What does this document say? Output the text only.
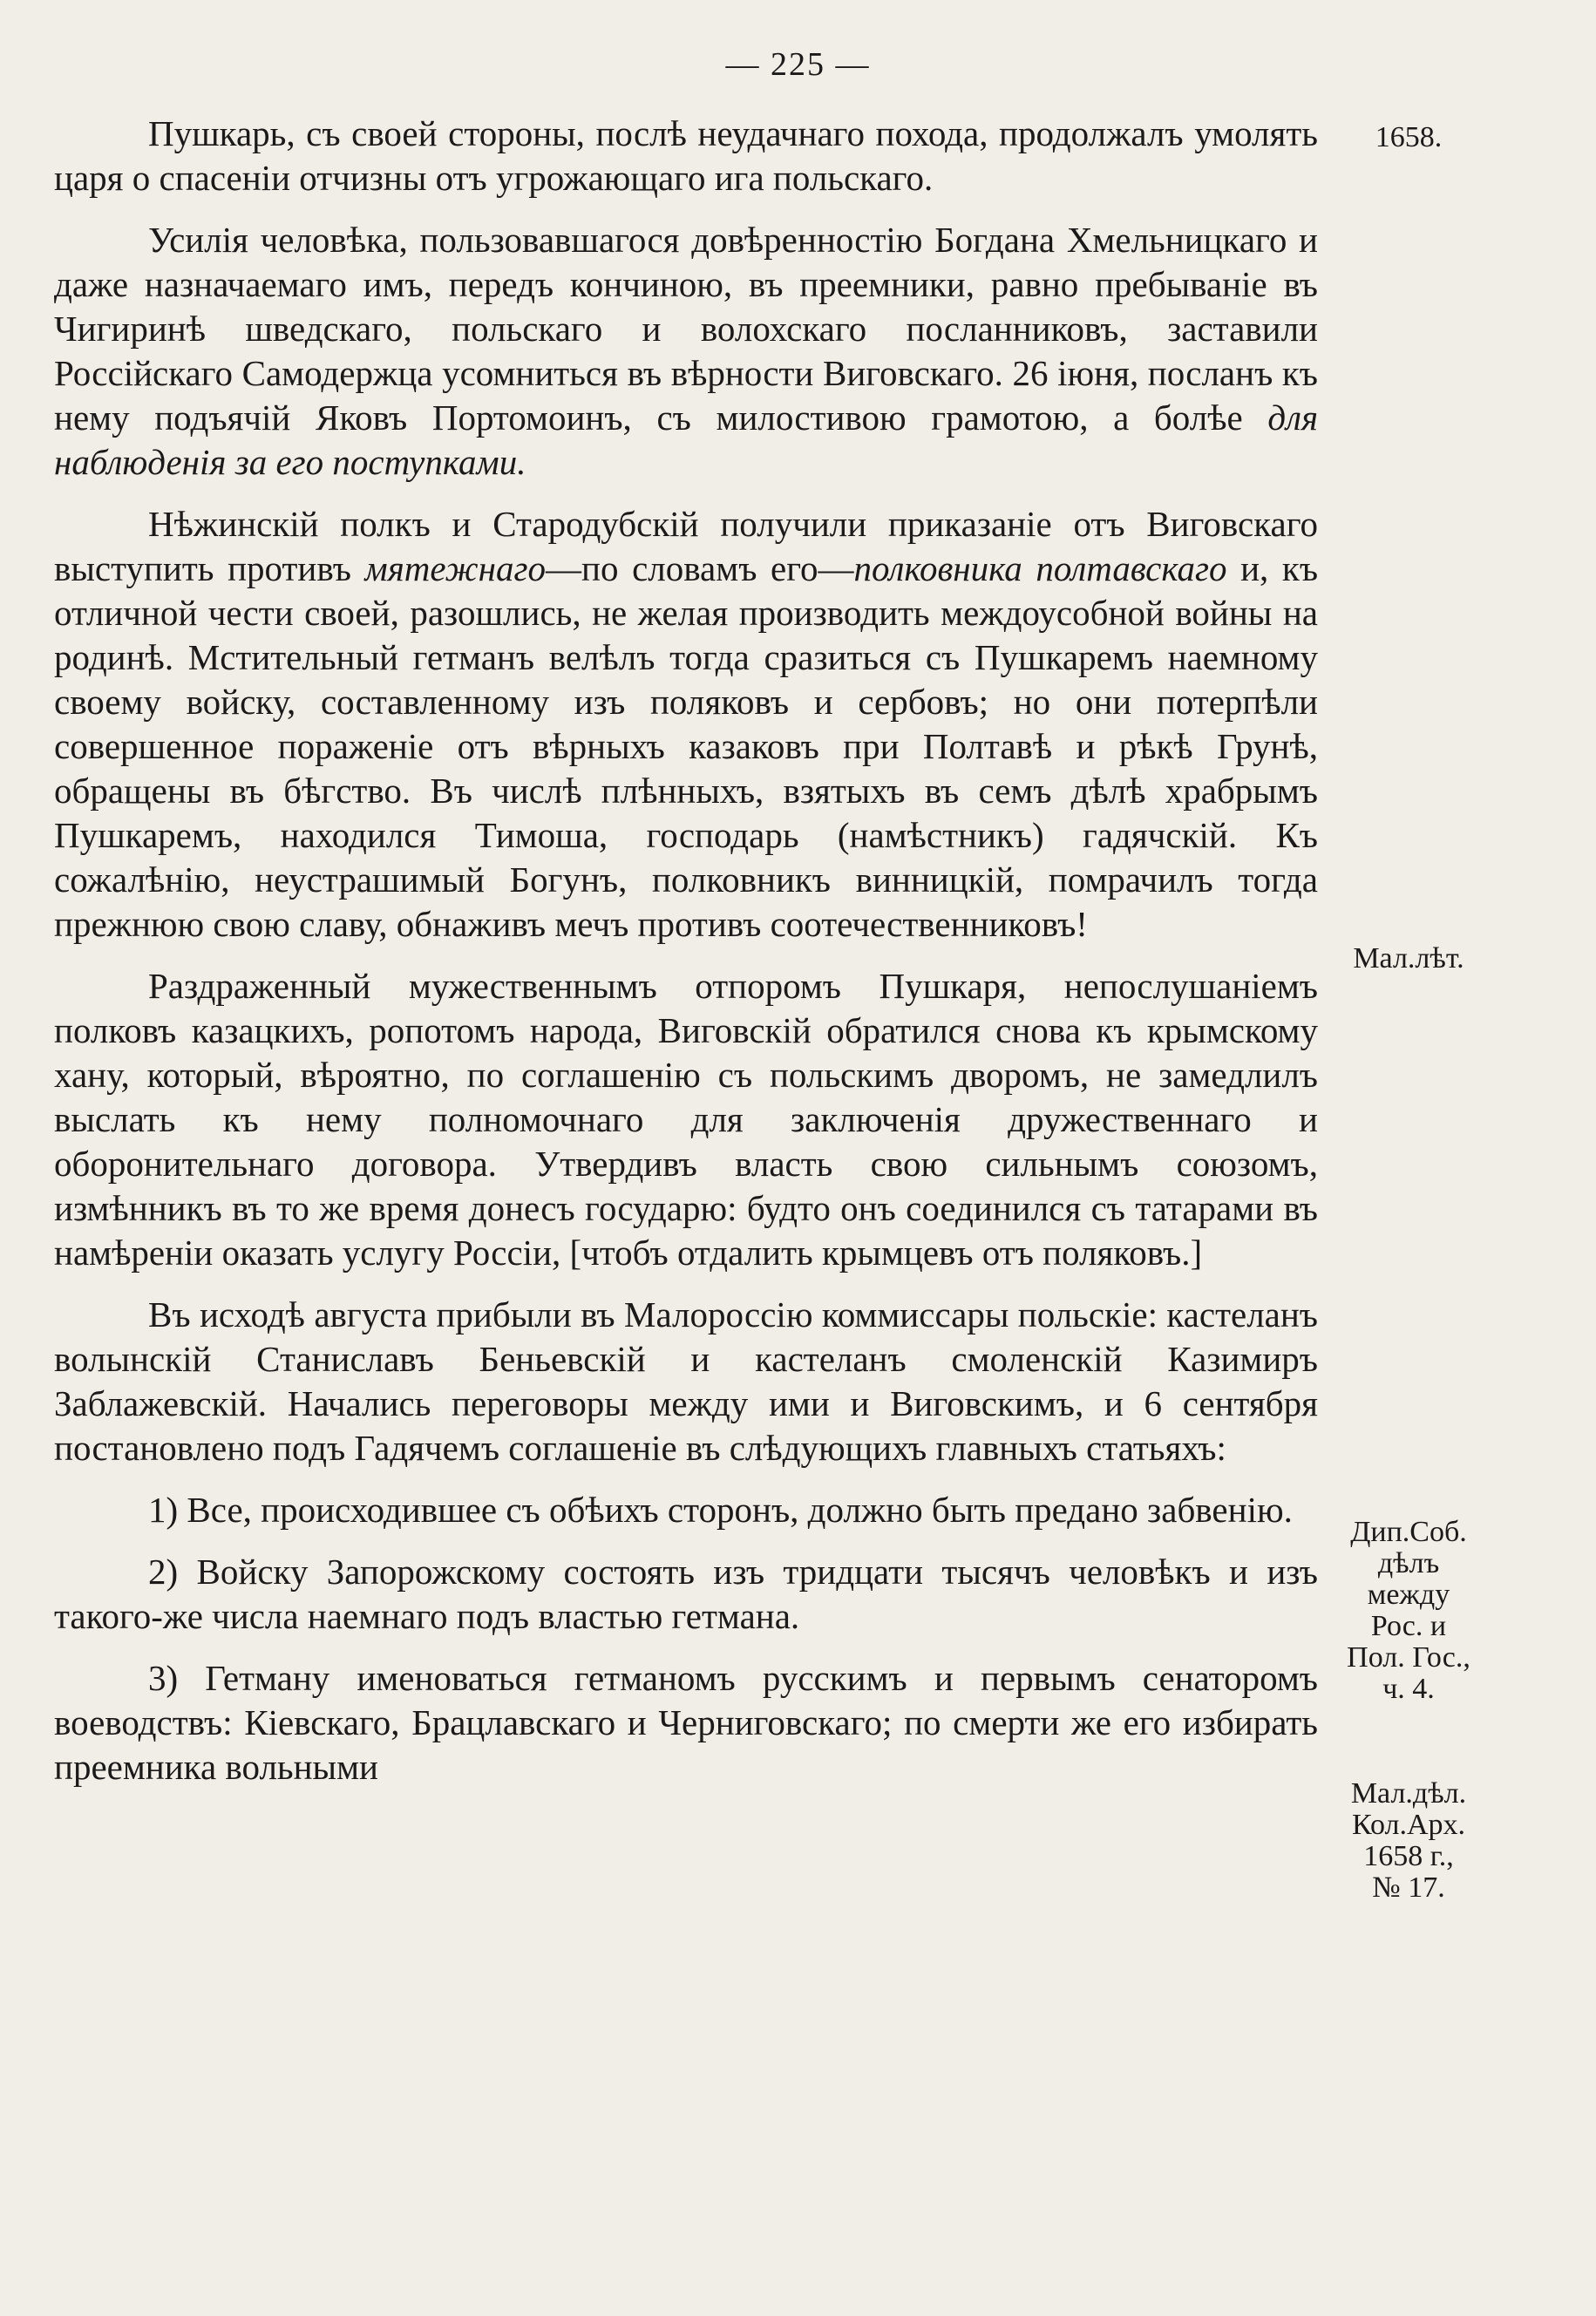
— 225 —

Пушкарь, съ своей стороны, послѣ неудачнаго похода, продолжалъ умолять царя о спасеніи отчизны отъ угрожающаго ига польскаго.

Усилія человѣка, пользовавшагося довѣренностію Богдана Хмельницкаго и даже назначаемаго имъ, передъ кончиною, въ преемники, равно пребываніе въ Чигиринѣ шведскаго, польскаго и волохскаго посланниковъ, заставили Россійскаго Самодержца усомниться въ вѣрности Виговскаго. 26 іюня, посланъ къ нему подъячій Яковъ Портомоинъ, съ милостивою грамотою, а болѣе для наблюденія за его поступками.

Нѣжинскій полкъ и Стародубскій получили приказаніе отъ Виговскаго выступить противъ мятежнаго—по словамъ его—полковника полтавскаго и, къ отличной чести своей, разошлись, не желая производить междоусобной войны на родинѣ. Мстительный гетманъ велѣлъ тогда сразиться съ Пушкаремъ наемному своему войску, составленному изъ поляковъ и сербовъ; но они потерпѣли совершенное пораженіе отъ вѣрныхъ казаковъ при Полтавѣ и рѣкѣ Грунѣ, обращены въ бѣгство. Въ числѣ плѣнныхъ, взятыхъ въ семъ дѣлѣ храбрымъ Пушкаремъ, находился Тимоша, господарь (намѣстникъ) гадячскій. Къ сожалѣнію, неустрашимый Богунъ, полковникъ винницкій, помрачилъ тогда прежнюю свою славу, обнаживъ мечъ противъ соотечественниковъ!

Раздраженный мужественнымъ отпоромъ Пушкаря, непослушаніемъ полковъ казацкихъ, ропотомъ народа, Виговскій обратился снова къ крымскому хану, который, вѣроятно, по соглашенію съ польскимъ дворомъ, не замедлилъ выслать къ нему полномочнаго для заключенія дружественнаго и оборонительнаго договора. Утвердивъ власть свою сильнымъ союзомъ, измѣнникъ въ то же время донесъ государю: будто онъ соединился съ татарами въ намѣреніи оказать услугу Россіи, [чтобъ отдалить крымцевъ отъ поляковъ.]

Въ исходѣ августа прибыли въ Малороссію коммиссары польскіе: кастеланъ волынскій Станиславъ Беньевскій и кастеланъ смоленскій Казимиръ Заблажевскій. Начались переговоры между ими и Виговскимъ, и 6 сентября постановлено подъ Гадячемъ соглашеніе въ слѣдующихъ главныхъ статьяхъ:

1) Все, происходившее съ обѣихъ сторонъ, должно быть предано забвенію.

2) Войску Запорожскому состоять изъ тридцати тысячъ человѣкъ и изъ такого-же числа наемнаго подъ властью гетмана.

3) Гетману именоваться гетманомъ русскимъ и первымъ сенаторомъ воеводствъ: Кіевскаго, Брацлавскаго и Черниговскаго; по смерти же его избирать преемника вольными

1658.
Мал.лѣт.
Дип.Соб.
дѣлъ
между
Рос. и
Пол. Гос.,
ч. 4.
Мал.дѣл.
Кол.Арх.
1658 г.,
№ 17.
